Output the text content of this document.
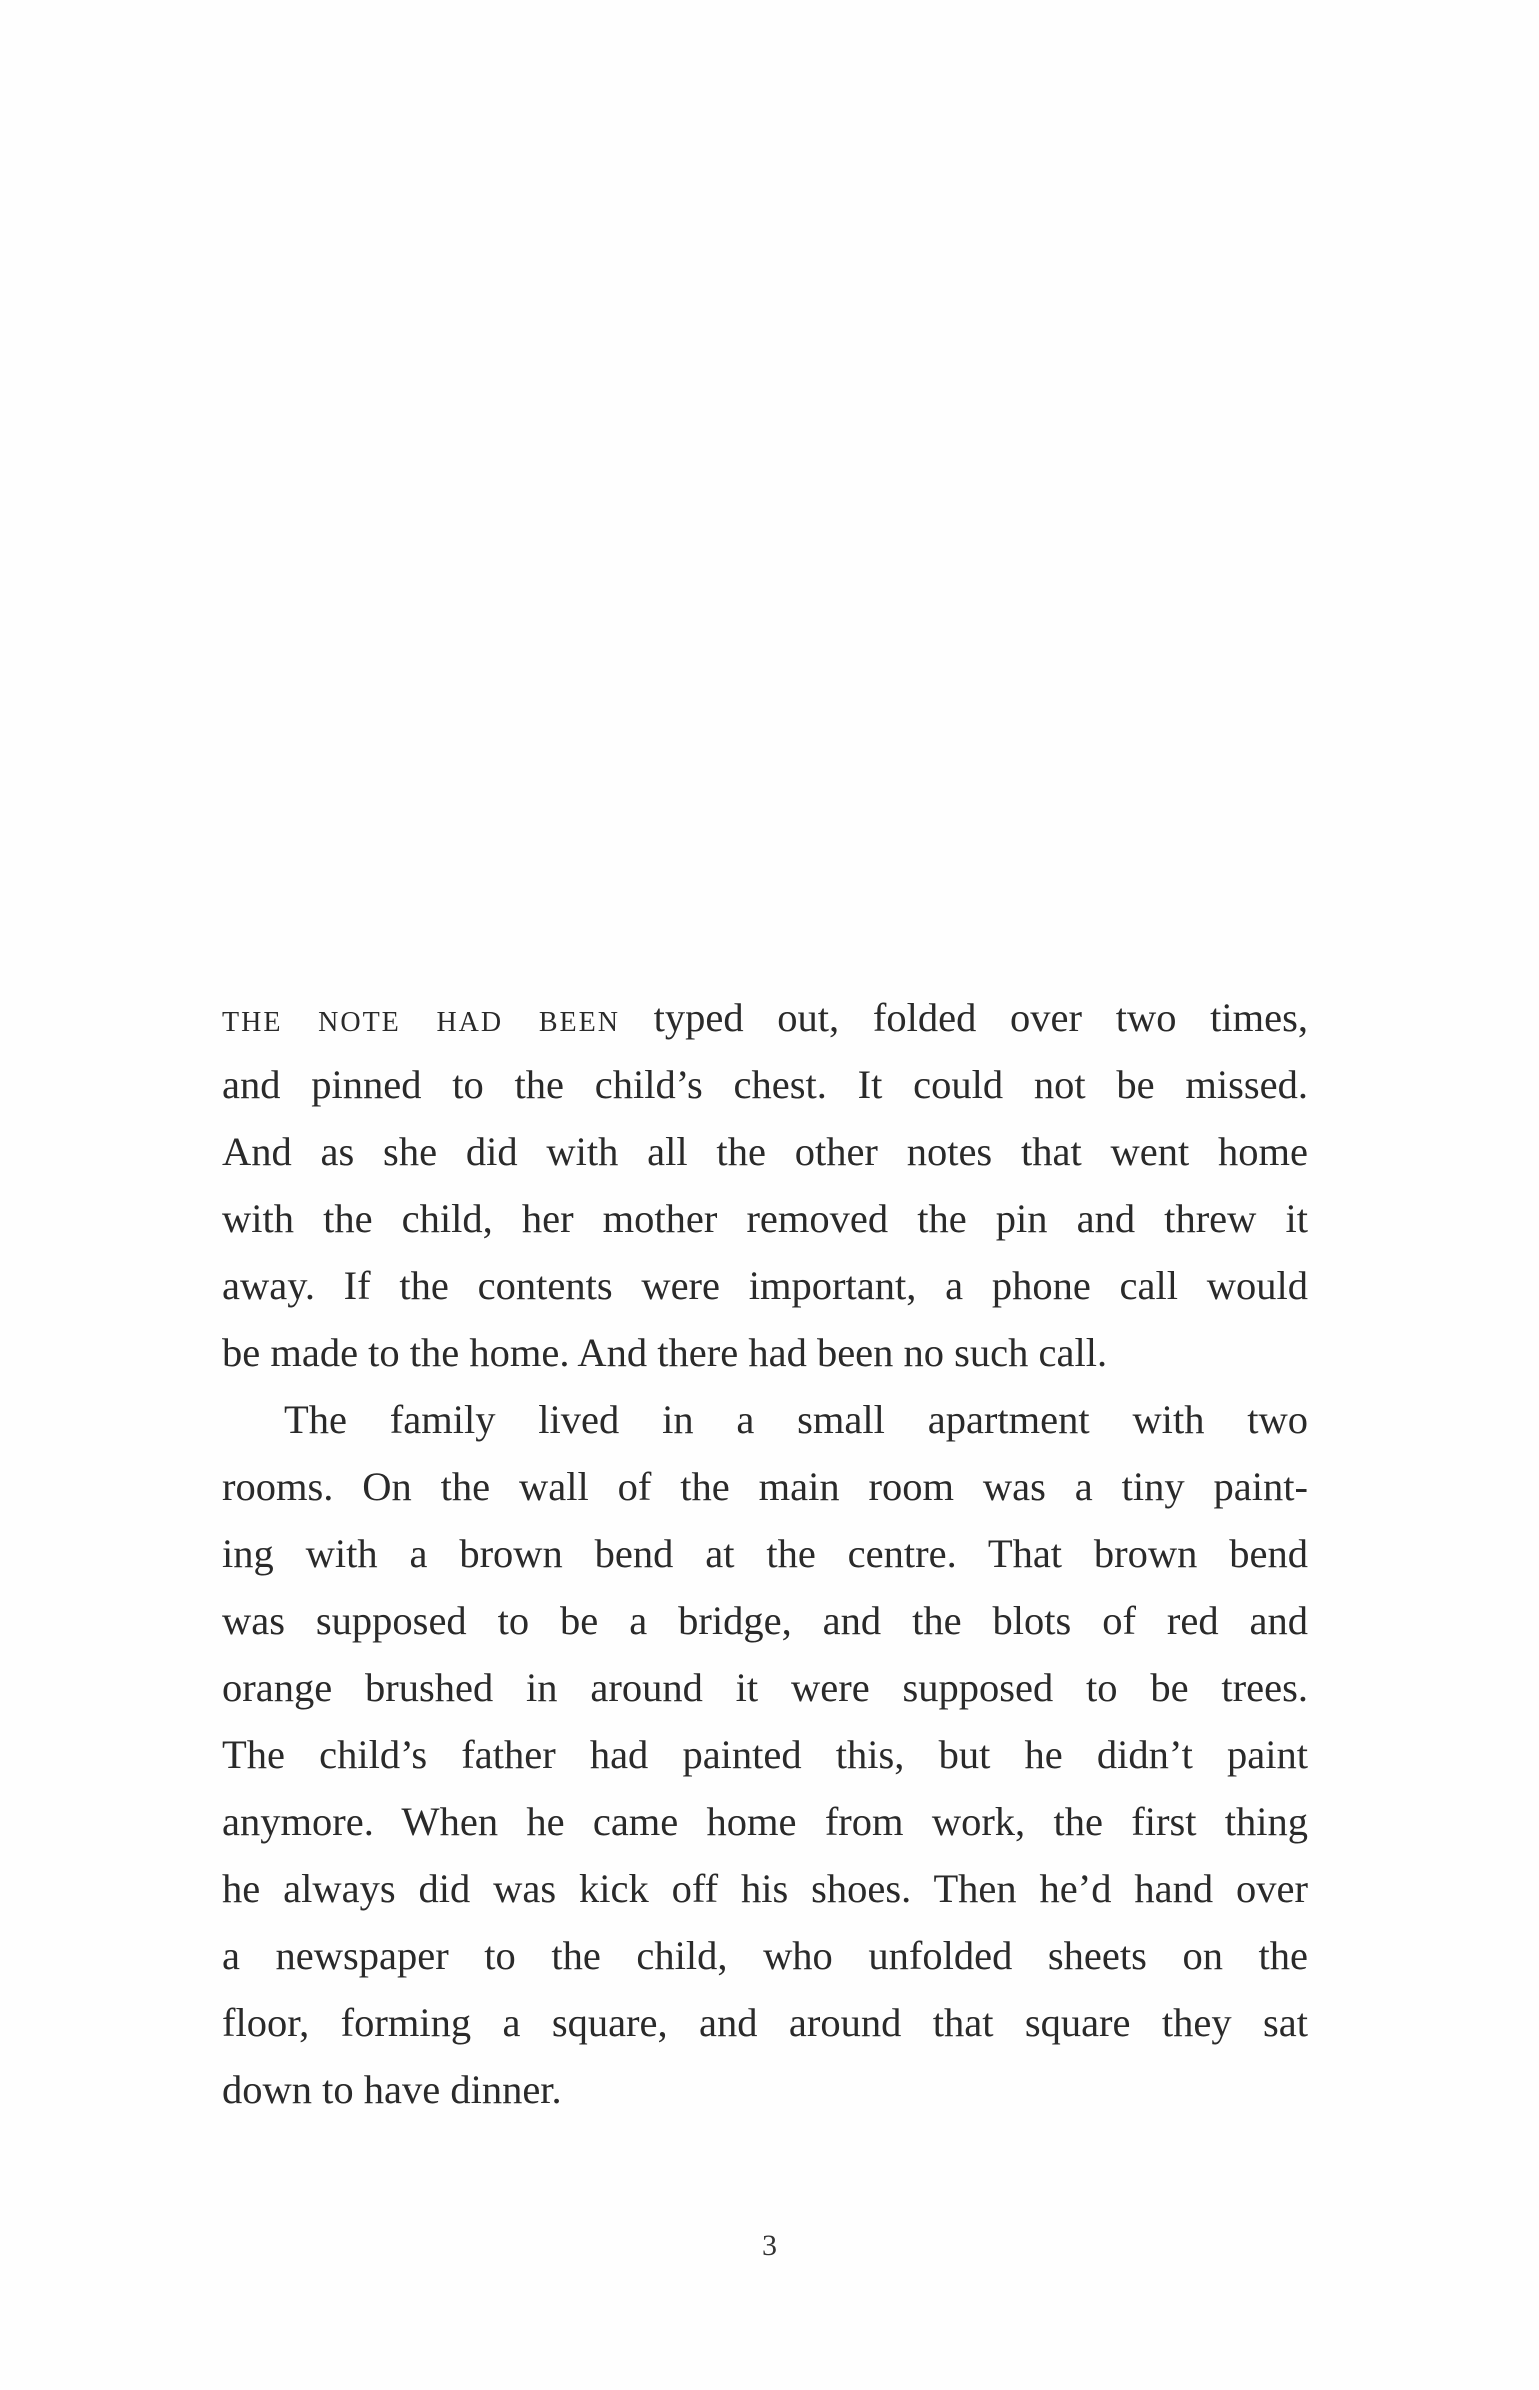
the note had been typed out, folded over two times,
and pinned to the child’s chest. It could not be missed.
And as she did with all the other notes that went home
with the child, her mother removed the pin and threw it
away. If the contents were important, a phone call would
be made to the home. And there had been no such call.
The family lived in a small apartment with two
rooms. On the wall of the main room was a tiny paint-
ing with a brown bend at the centre. That brown bend
was supposed to be a bridge, and the blots of red and
orange brushed in around it were supposed to be trees.
The child’s father had painted this, but he didn’t paint
anymore. When he came home from work, the first thing
he always did was kick off his shoes. Then he’d hand over
a newspaper to the child, who unfolded sheets on the
floor, forming a square, and around that square they sat
down to have dinner.
3
